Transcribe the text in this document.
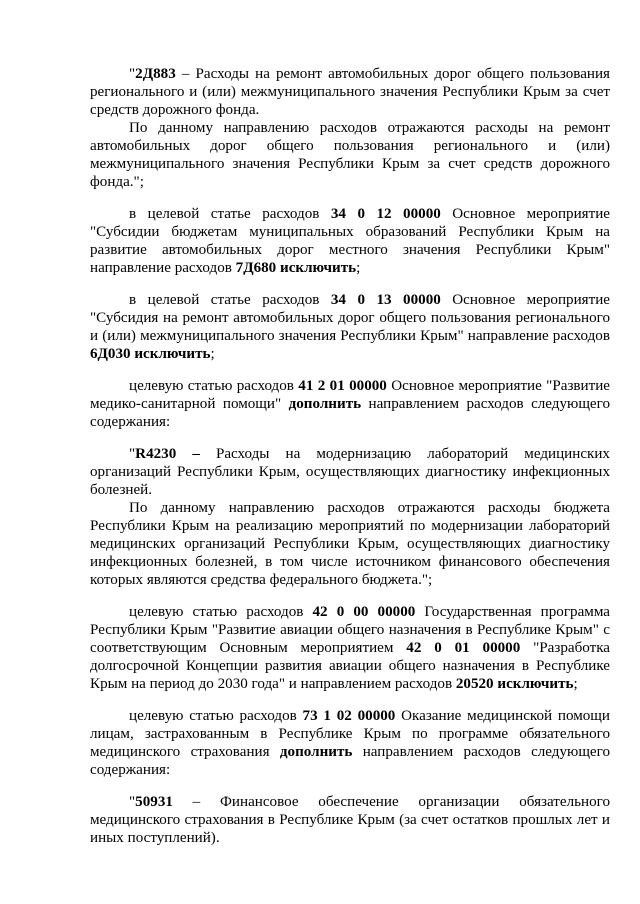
"2Д883 – Расходы на ремонт автомобильных дорог общего пользования регионального и (или) межмуниципального значения Республики Крым за счет средств дорожного фонда.

По данному направлению расходов отражаются расходы на ремонт автомобильных дорог общего пользования регионального и (или) межмуниципального значения Республики Крым за счет средств дорожного фонда.";

в целевой статье расходов 34 0 12 00000 Основное мероприятие "Субсидии бюджетам муниципальных образований Республики Крым на развитие автомобильных дорог местного значения Республики Крым" направление расходов 7Д680 исключить;

в целевой статье расходов 34 0 13 00000 Основное мероприятие "Субсидия на ремонт автомобильных дорог общего пользования регионального и (или) межмуниципального значения Республики Крым" направление расходов 6Д030 исключить;

целевую статью расходов 41 2 01 00000 Основное мероприятие "Развитие медико-санитарной помощи" дополнить направлением расходов следующего содержания:

"R4230 – Расходы на модернизацию лабораторий медицинских организаций Республики Крым, осуществляющих диагностику инфекционных болезней.

По данному направлению расходов отражаются расходы бюджета Республики Крым на реализацию мероприятий по модернизации лабораторий медицинских организаций Республики Крым, осуществляющих диагностику инфекционных болезней, в том числе источником финансового обеспечения которых являются средства федерального бюджета.";

целевую статью расходов 42 0 00 00000 Государственная программа Республики Крым "Развитие авиации общего назначения в Республике Крым" с соответствующим Основным мероприятием 42 0 01 00000 "Разработка долгосрочной Концепции развития авиации общего назначения в Республике Крым на период до 2030 года" и направлением расходов 20520 исключить;

целевую статью расходов 73 1 02 00000 Оказание медицинской помощи лицам, застрахованным в Республике Крым по программе обязательного медицинского страхования дополнить направлением расходов следующего содержания:

"50931 – Финансовое обеспечение организации обязательного медицинского страхования в Республике Крым (за счет остатков прошлых лет и иных поступлений).
